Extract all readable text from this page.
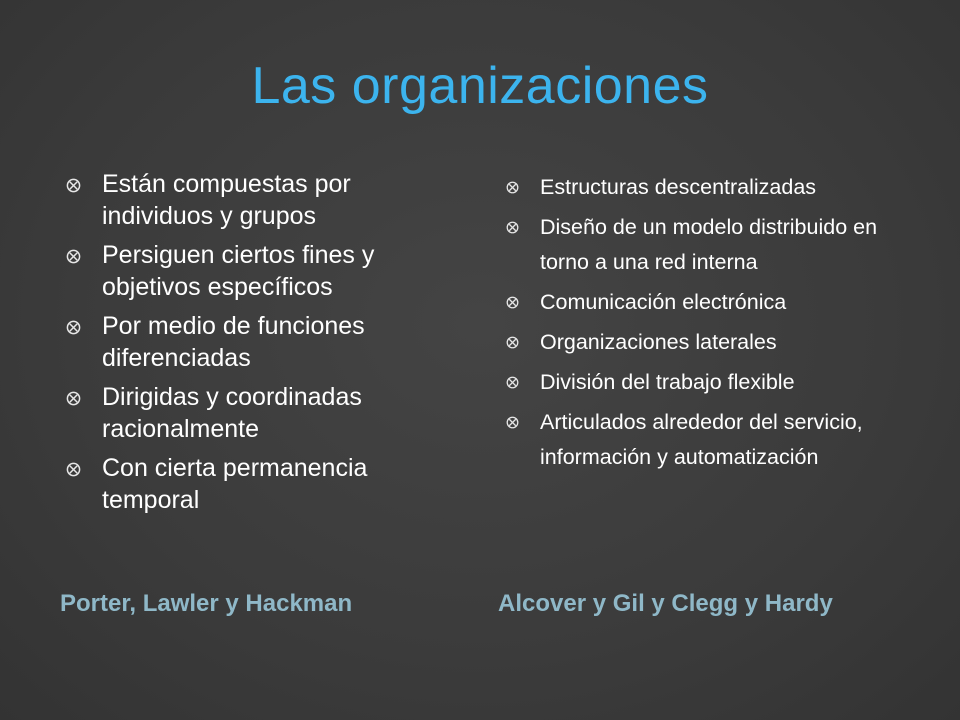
Las organizaciones
Están compuestas por individuos y grupos
Persiguen ciertos fines y objetivos específicos
Por medio de funciones diferenciadas
Dirigidas y coordinadas racionalmente
Con cierta permanencia temporal
Estructuras descentralizadas
Diseño de un modelo distribuido en torno a una red interna
Comunicación electrónica
Organizaciones laterales
División del trabajo flexible
Articulados alrededor del servicio, información y automatización
Porter, Lawler y Hackman	Alcover y Gil y Clegg y Hardy
